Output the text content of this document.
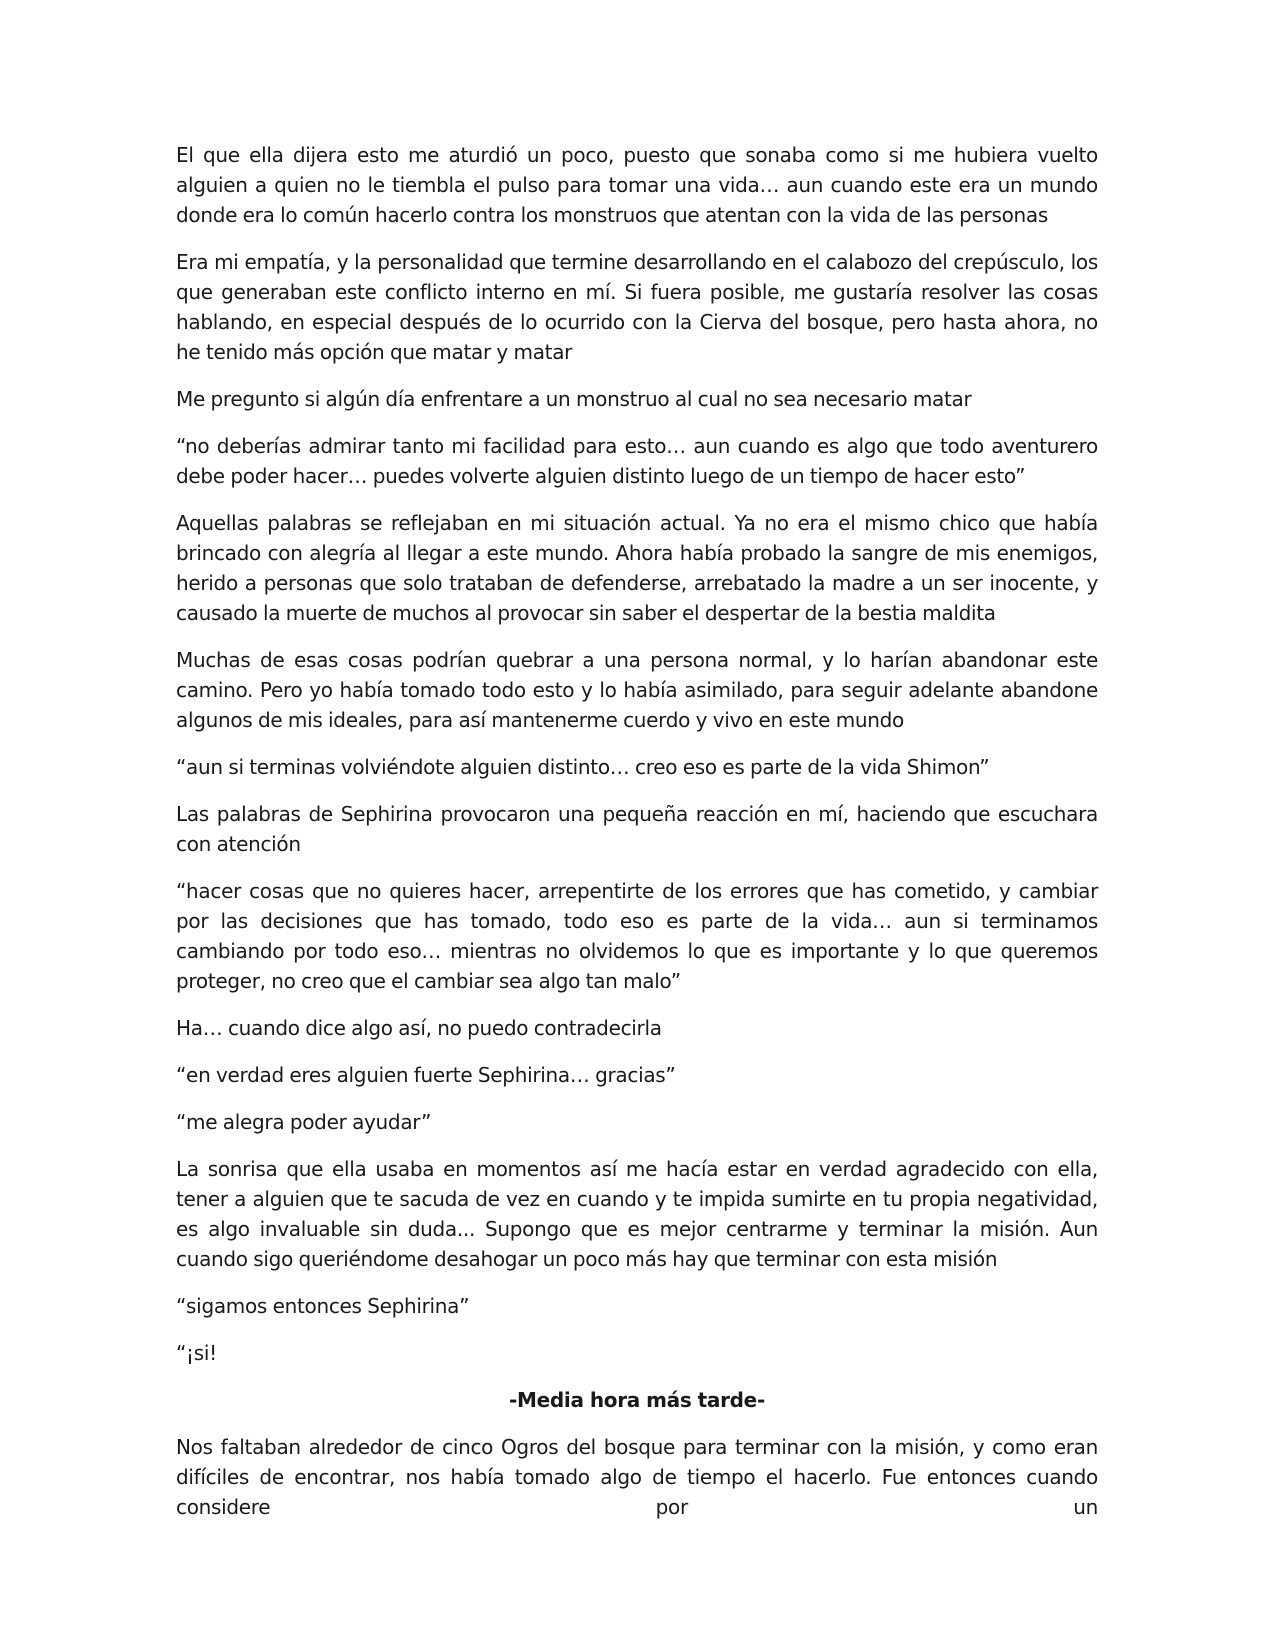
El que ella dijera esto me aturdió un poco, puesto que sonaba como si me hubiera vuelto alguien a quien no le tiembla el pulso para tomar una vida… aun cuando este era un mundo donde era lo común hacerlo contra los monstruos que atentan con la vida de las personas

Era mi empatía, y la personalidad que termine desarrollando en el calabozo del crepúsculo, los que generaban este conflicto interno en mí. Si fuera posible, me gustaría resolver las cosas hablando, en especial después de lo ocurrido con la Cierva del bosque, pero hasta ahora, no he tenido más opción que matar y matar

Me pregunto si algún día enfrentare a un monstruo al cual no sea necesario matar

“no deberías admirar tanto mi facilidad para esto… aun cuando es algo que todo aventurero debe poder hacer… puedes volverte alguien distinto luego de un tiempo de hacer esto”

Aquellas palabras se reflejaban en mi situación actual. Ya no era el mismo chico que había brincado con alegría al llegar a este mundo. Ahora había probado la sangre de mis enemigos, herido a personas que solo trataban de defenderse, arrebatado la madre a un ser inocente, y causado la muerte de muchos al provocar sin saber el despertar de la bestia maldita

Muchas de esas cosas podrían quebrar a una persona normal, y lo harían abandonar este camino. Pero yo había tomado todo esto y lo había asimilado, para seguir adelante abandone algunos de mis ideales, para así mantenerme cuerdo y vivo en este mundo

“aun si terminas volviéndote alguien distinto… creo eso es parte de la vida Shimon”

Las palabras de Sephirina provocaron una pequeña reacción en mí, haciendo que escuchara con atención

“hacer cosas que no quieres hacer, arrepentirte de los errores que has cometido, y cambiar por las decisiones que has tomado, todo eso es parte de la vida… aun si terminamos cambiando por todo eso… mientras no olvidemos lo que es importante y lo que queremos proteger, no creo que el cambiar sea algo tan malo”

Ha… cuando dice algo así, no puedo contradecirla

“en verdad eres alguien fuerte Sephirina… gracias”

“me alegra poder ayudar”

La sonrisa que ella usaba en momentos así me hacía estar en verdad agradecido con ella, tener a alguien que te sacuda de vez en cuando y te impida sumirte en tu propia negatividad, es algo invaluable sin duda... Supongo que es mejor centrarme y terminar la misión. Aun cuando sigo queriéndome desahogar un poco más hay que terminar con esta misión

“sigamos entonces Sephirina”

“¡si!

-Media hora más tarde-

Nos faltaban alrededor de cinco Ogros del bosque para terminar con la misión, y como eran difíciles de encontrar, nos había tomado algo de tiempo el hacerlo. Fue entonces cuando considere por un
